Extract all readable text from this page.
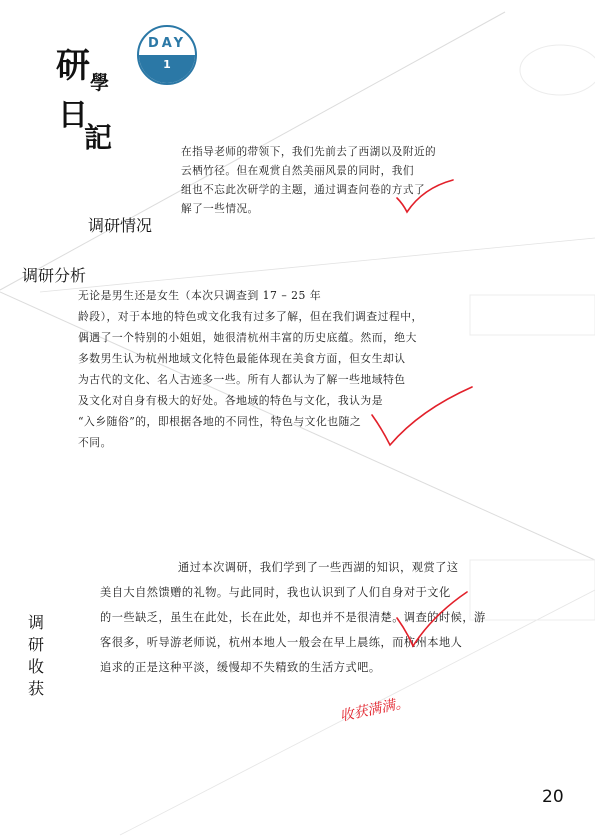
研 學
日
記
DAY
1
调研情况
在指导老师的带领下，我们先前去了西湖以及附近的
云栖竹径。但在观赏自然美丽风景的同时，我们
组也不忘此次研学的主题，通过调查问卷的方式了
解了一些情况。
调研分析
无论是男生还是女生（本次只调查到 17 – 25 年
龄段），对于本地的特色或文化我有过多了解，但在我们调查过程中，
偶遇了一个特别的小姐姐，她很清杭州丰富的历史底蕴。然而，绝大
多数男生认为杭州地域文化特色最能体现在美食方面，但女生却认
为古代的文化、名人古迹多一些。所有人都认为了解一些地域特色
及文化对自身有极大的好处。各地域的特色与文化，我认为是
“入乡随俗”的，即根据各地的不同性，特色与文化也随之
不同。
调研收获
通过本次调研，我们学到了一些西湖的知识，观赏了这
美自大自然馈赠的礼物。与此同时，我也认识到了人们自身对于文化
的一些缺乏，虽生在此处，长在此处，却也并不是很清楚。调查的时候，游
客很多，听导游老师说，杭州本地人一般会在早上晨练，而杭州本地人
追求的正是这种平淡，缓慢却不失精致的生活方式吧。
收获满满。
20
